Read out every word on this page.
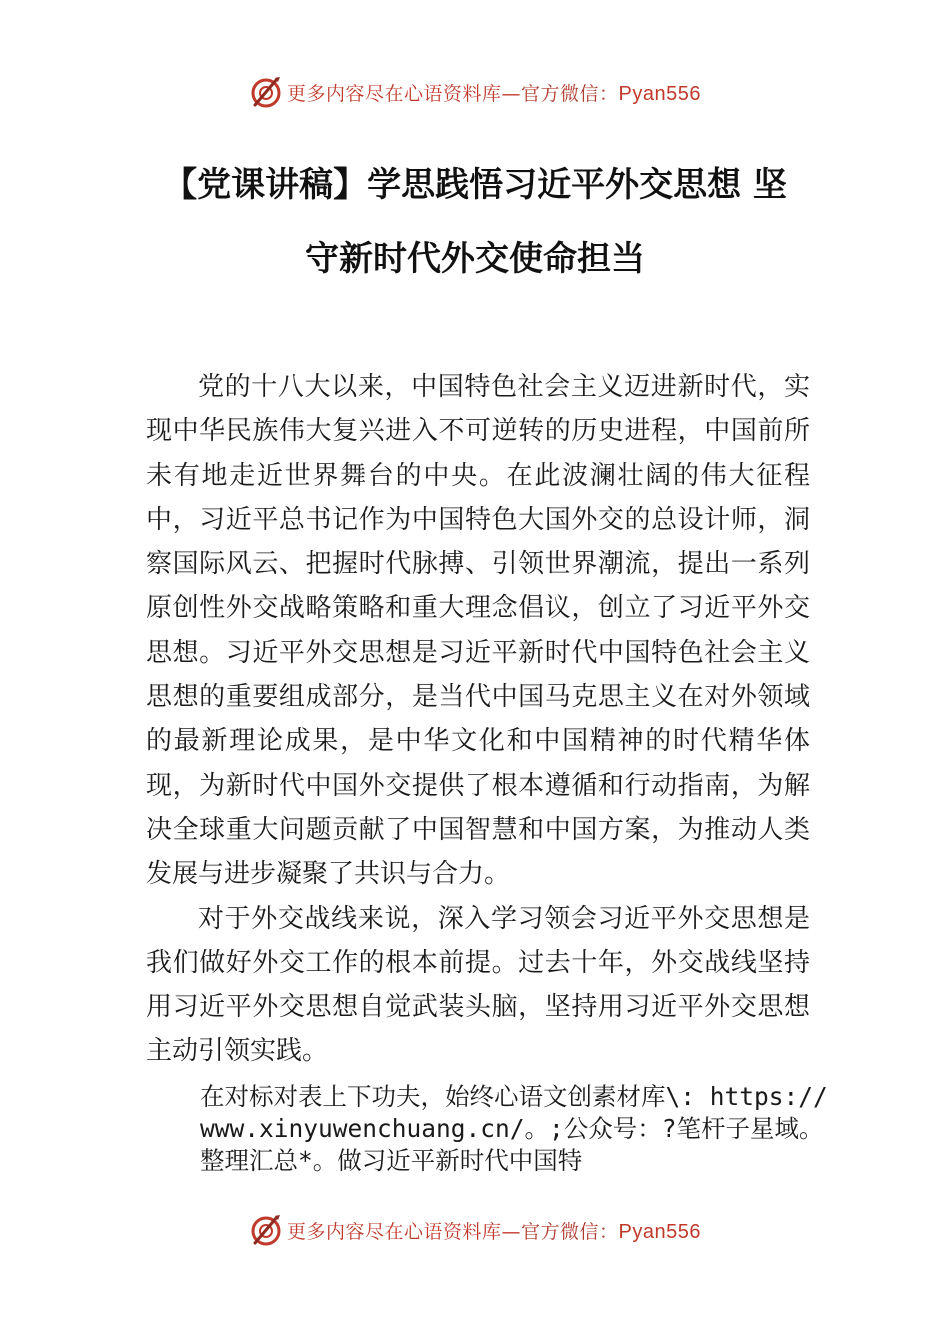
更多内容尽在心语资料库—官方微信：Pyan556
【党课讲稿】学思践悟习近平外交思想 坚
守新时代外交使命担当

党的十八大以来，中国特色社会主义迈进新时代，实现中华民族伟大复兴进入不可逆转的历史进程，中国前所未有地走近世界舞台的中央。在此波澜壮阔的伟大征程中，习近平总书记作为中国特色大国外交的总设计师，洞察国际风云、把握时代脉搏、引领世界潮流，提出一系列原创性外交战略策略和重大理念倡议，创立了习近平外交思想。习近平外交思想是习近平新时代中国特色社会主义思想的重要组成部分，是当代中国马克思主义在对外领域的最新理论成果，是中华文化和中国精神的时代精华体现，为新时代中国外交提供了根本遵循和行动指南，为解决全球重大问题贡献了中国智慧和中国方案，为推动人类发展与进步凝聚了共识与合力。

对于外交战线来说，深入学习领会习近平外交思想是我们做好外交工作的根本前提。过去十年，外交战线坚持用习近平外交思想自觉武装头脑，坚持用习近平外交思想主动引领实践。

在对标对表上下功夫，始终心语文创素材库\: https://www.xinyuwenchuang.cn/。;公众号：?笔杆子星域。整理汇总*。做习近平新时代中国特
更多内容尽在心语资料库—官方微信：Pyan556
